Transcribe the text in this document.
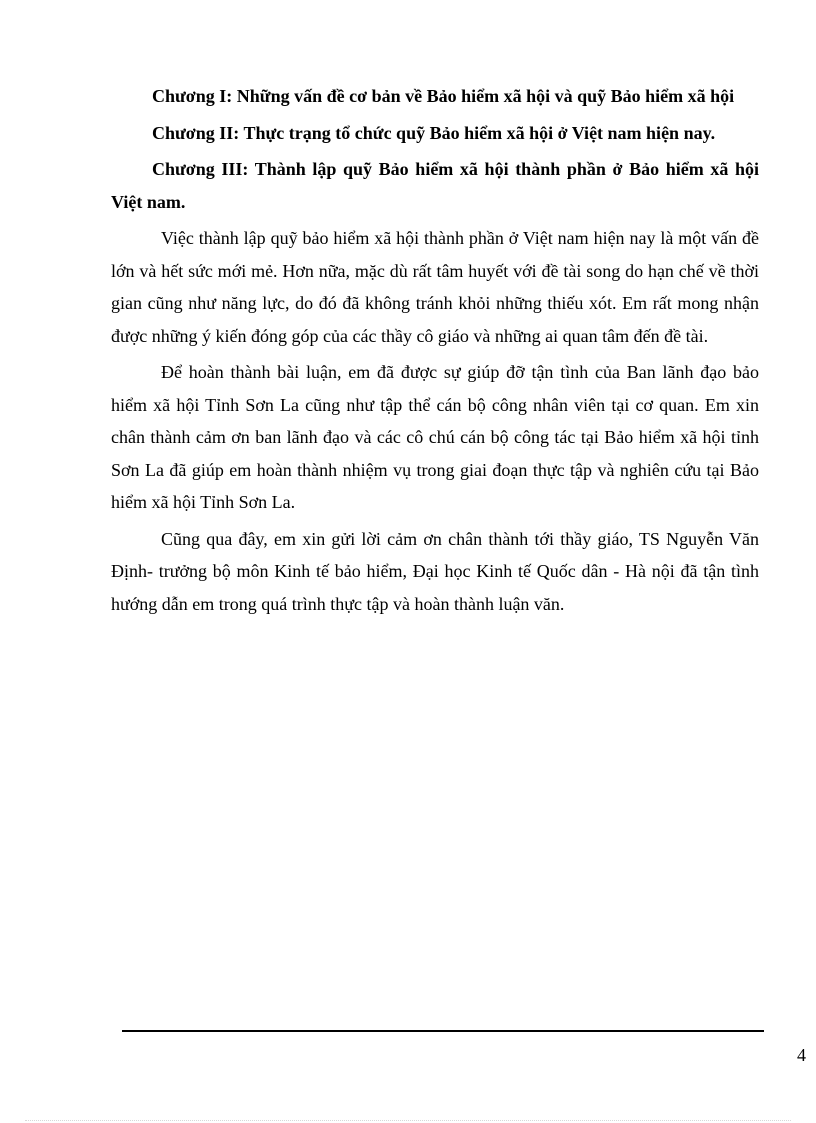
Chương I: Những vấn đề cơ bản về Bảo hiểm xã hội và quỹ Bảo hiểm xã hội

Chương II: Thực trạng tổ chức quỹ Bảo hiểm xã hội ở Việt nam hiện nay.

Chương III: Thành lập quỹ Bảo hiểm xã hội thành phần ở Bảo hiểm xã hội Việt nam.

Việc thành lập quỹ bảo hiểm xã hội thành phần ở Việt nam hiện nay là một vấn đề lớn và hết sức mới mẻ. Hơn nữa, mặc dù rất tâm huyết với đề tài song do hạn chế về thời gian cũng như năng lực, do đó đã không tránh khỏi những thiếu xót. Em rất mong nhận được những ý kiến đóng góp của các thầy cô giáo và những ai quan tâm đến đề tài.

Để hoàn thành bài luận, em đã được sự giúp đỡ tận tình của Ban lãnh đạo bảo hiểm xã hội Tỉnh Sơn La cũng như tập thể cán bộ công nhân viên tại cơ quan. Em xin chân thành cảm ơn ban lãnh đạo và các cô chú cán bộ công tác tại Bảo hiểm xã hội tỉnh Sơn La đã giúp em hoàn thành nhiệm vụ trong giai đoạn thực tập và nghiên cứu tại Bảo hiểm xã hội Tỉnh Sơn La.

Cũng qua đây, em xin gửi lời cảm ơn chân thành tới thầy giáo, TS Nguyễn Văn Định- trưởng bộ môn Kinh tế bảo hiểm, Đại học Kinh tế Quốc dân - Hà nội đã tận tình hướng dẫn em trong quá trình thực tập và hoàn thành luận văn.

4
